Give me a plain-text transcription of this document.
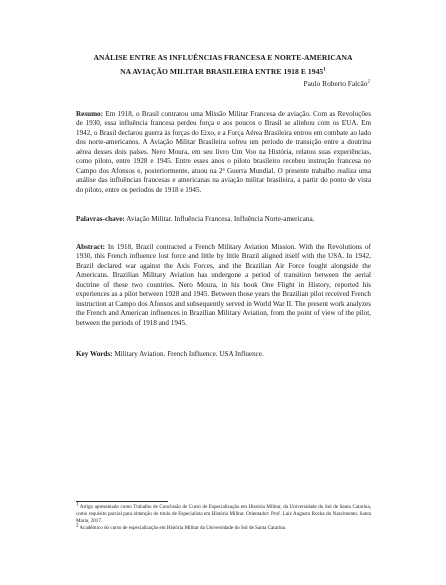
ANÁLISE ENTRE AS INFLUÊNCIAS FRANCESA E NORTE-AMERICANA
NA AVIAÇÃO MILITAR BRASILEIRA ENTRE 1918 E 1945$^1$
Paulo Roberto Falcão$^2$
Resumo: Em 1918, o Brasil contratou uma Missão Militar Francesa de aviação. Com as Revoluções de 1930, essa influência francesa perdeu força e aos poucos o Brasil se alinhou com os EUA. Em 1942, o Brasil declarou guerra às forças do Eixo, e a Força Aérea Brasileira entrou em combate ao lado dos norte-americanos. A Aviação Militar Brasileira sofreu um período de transição entre a doutrina aérea desses dois países. Nero Moura, em seu livro Um Voo na História, relatou suas experiências, como piloto, entre 1928 e 1945. Entre esses anos o piloto brasileiro recebeu instrução francesa no Campo dos Afonsos e, posteriormente, atuou na 2ª Guerra Mundial. O presente trabalho realiza uma análise das influências francesas e americanas na aviação militar brasileira, a partir do ponto de vista do piloto, entre os períodos de 1918 e 1945.
Palavras-chave: Aviação Militar. Influência Francesa. Influência Norte-americana.
Abstract: In 1918, Brazil contracted a French Military Aviation Mission. With the Revolutions of 1930, this French influence lost force and little by little Brazil aligned itself with the USA. In 1942, Brazil declared war against the Axis Forces, and the Brazilian Air Force fought alongside the Americans. Brazilian Military Aviation has undergone a period of transition between the aerial doctrine of these two countries. Nero Moura, in his book One Flight in History, reported his experiences as a pilot between 1928 and 1945. Between those years the Brazilian pilot received French instruction at Campo dos Afonsos and subsequently served in World War II. The present work analyzes the French and American influences in Brazilian Military Aviation, from the point of view of the pilot, between the periods of 1918 and 1945.
Key Words: Military Aviation. French Influence. USA Influence.

$^1$ Artigo apresentado como Trabalho de Conclusão de Curso de Especialização em História Militar, da Universidade do Sul de Santa Catarina, como requisito parcial para obtenção do título de Especialista em História Militar. Orientador: Prof. Luiz Augusto Rocha do Nascimento. Santa Maria, 2017.

$^2$ Acadêmico do curso de especialização em História Militar da Universidade do Sul de Santa Catarina.
